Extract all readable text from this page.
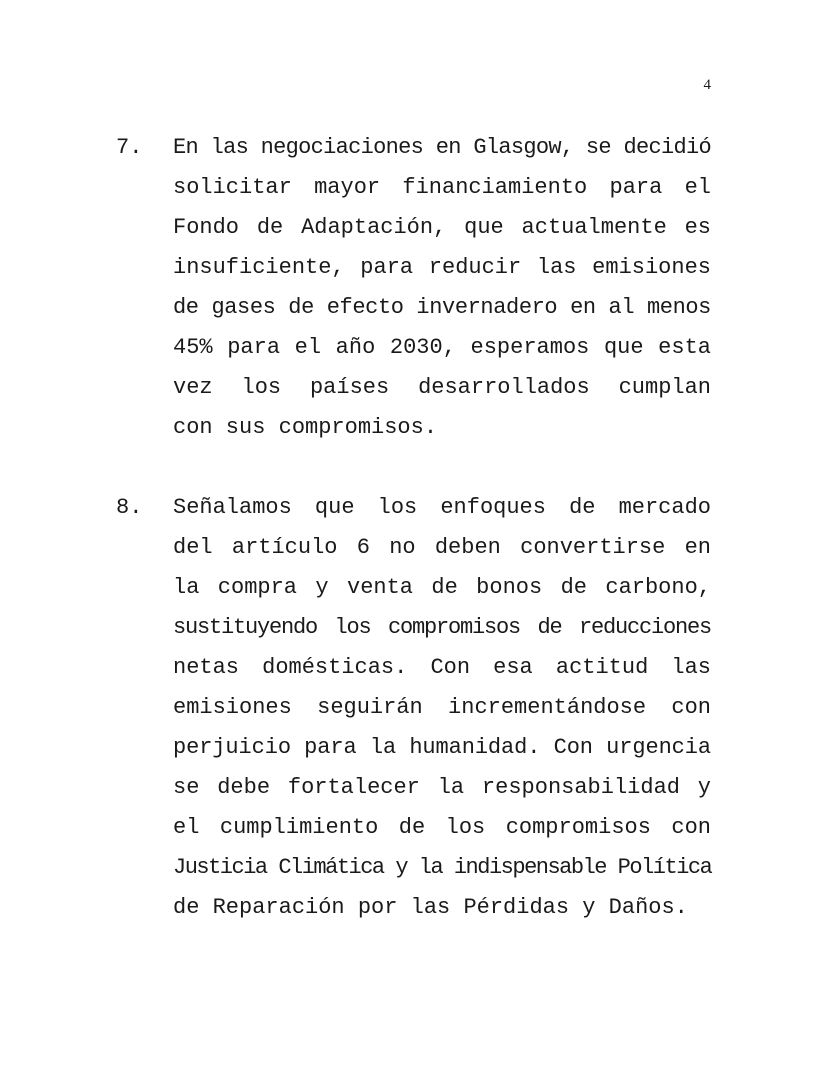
4
7. En las negociaciones en Glasgow, se decidió
solicitar mayor financiamiento para el
Fondo de Adaptación, que actualmente es
insuficiente, para reducir las emisiones
de gases de efecto invernadero en al menos
45% para el año 2030, esperamos que esta
vez los países desarrollados cumplan
con sus compromisos.
8. Señalamos que los enfoques de mercado
del artículo 6 no deben convertirse en
la compra y venta de bonos de carbono,
sustituyendo los compromisos de reducciones
netas domésticas. Con esa actitud las
emisiones seguirán incrementándose con
perjuicio para la humanidad. Con urgencia
se debe fortalecer la responsabilidad y
el cumplimiento de los compromisos con
Justicia Climática y la indispensable Política
de Reparación por las Pérdidas y Daños.
